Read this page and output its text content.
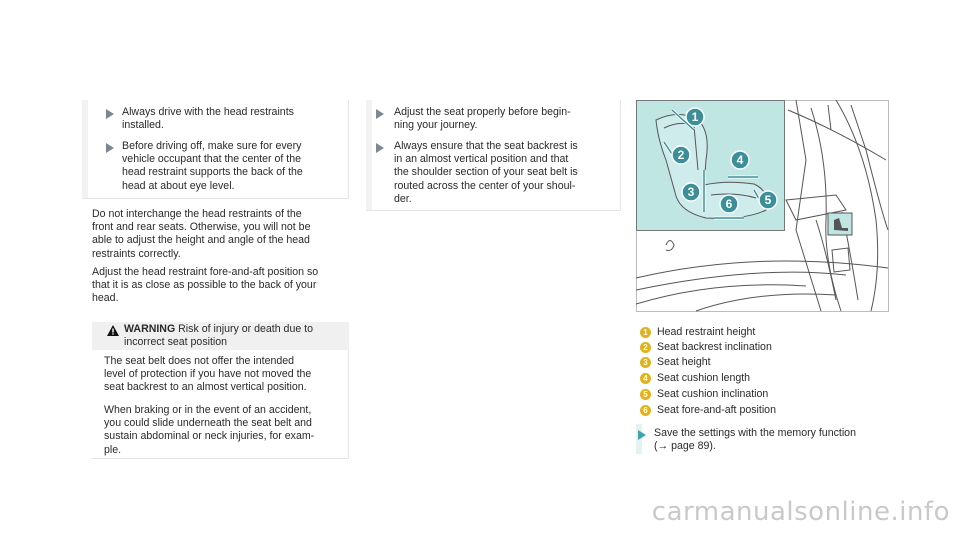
Always drive with the head restraints
installed.
Before driving off, make sure for every
vehicle occupant that the center of the
head restraint supports the back of the
head at about eye level.
Do not interchange the head restraints of the
front and rear seats. Otherwise, you will not be
able to adjust the height and angle of the head
restraints correctly.
Adjust the head restraint fore-and-aft position so
that it is as close as possible to the back of your
head.
WARNING Risk of injury or death due to
incorrect seat position
The seat belt does not offer the intended
level of protection if you have not moved the
seat backrest to an almost vertical position.
When braking or in the event of an accident,
you could slide underneath the seat belt and
sustain abdominal or neck injuries, for exam-
ple.
Adjust the seat properly before begin-
ning your journey.
Always ensure that the seat backrest is
in an almost vertical position and that
the shoulder section of your seat belt is
routed across the center of your shoul-
der.
1
2
3
4
5
6
1 Head restraint height
2 Seat backrest inclination
3 Seat height
4 Seat cushion length
5 Seat cushion inclination
6 Seat fore-and-aft position
Save the settings with the memory function
(→ page 89).
carmanualsonline.info
